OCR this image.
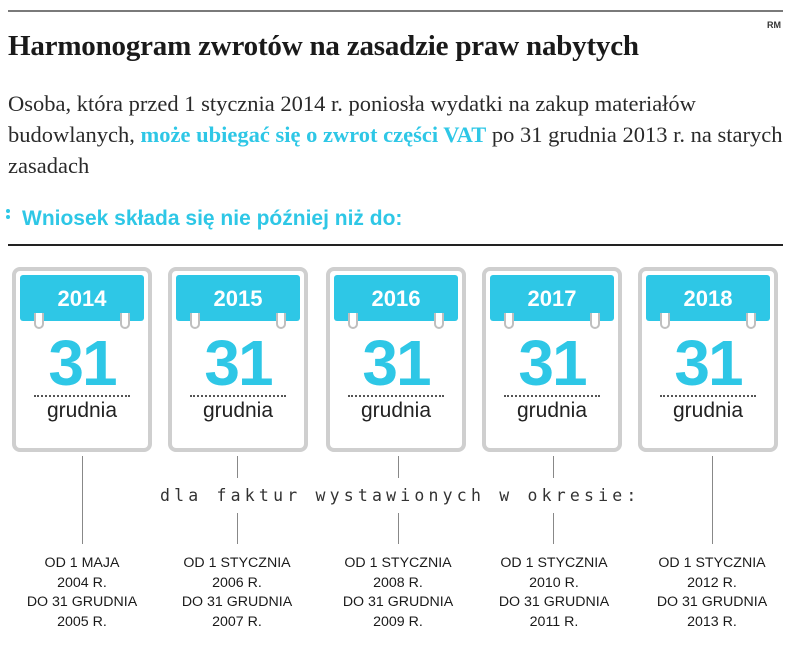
RM
Harmonogram zwrotów na zasadzie praw nabytych
Osoba, która przed 1 stycznia 2014 r. poniosła wydatki na zakup materiałów budowlanych, może ubiegać się o zwrot części VAT po 31 grudnia 2013 r. na starych zasadach
Wniosek składa się nie później niż do:
2014
31
grudnia
2015
31
grudnia
2016
31
grudnia
2017
31
grudnia
2018
31
grudnia
dla faktur wystawionych w okresie:
OD 1 MAJA
2004 R.
DO 31 GRUDNIA
2005 R.
OD 1 STYCZNIA
2006 R.
DO 31 GRUDNIA
2007 R.
OD 1 STYCZNIA
2008 R.
DO 31 GRUDNIA
2009 R.
OD 1 STYCZNIA
2010 R.
DO 31 GRUDNIA
2011 R.
OD 1 STYCZNIA
2012 R.
DO 31 GRUDNIA
2013 R.
